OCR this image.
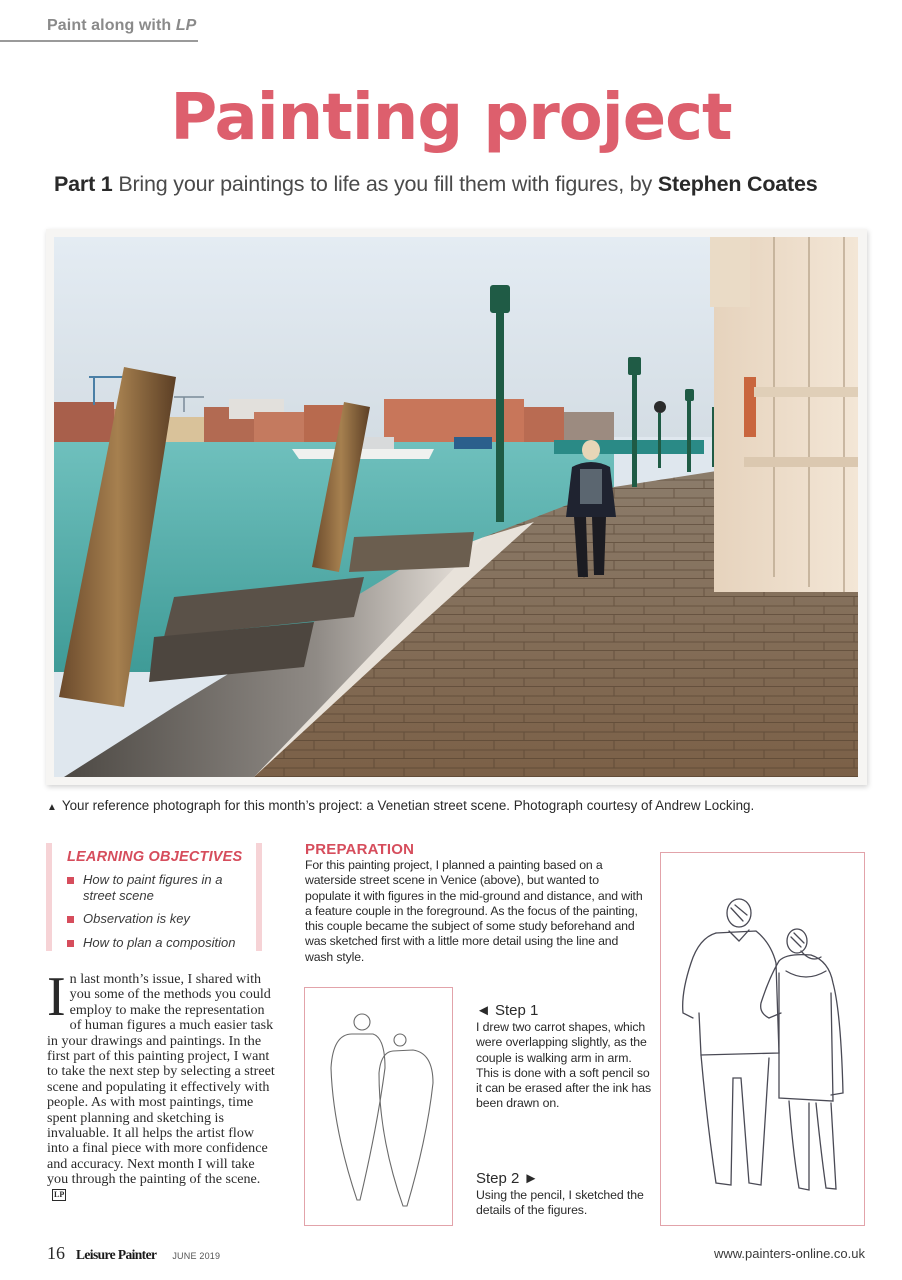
Paint along with LP
Painting project
Part 1 Bring your paintings to life as you fill them with figures, by Stephen Coates
▲ Your reference photograph for this month’s project: a Venetian street scene. Photograph courtesy of Andrew Locking.
LEARNING OBJECTIVES
How to paint figures in a street scene
Observation is key
How to plan a composition
In last month’s issue, I shared with you some of the methods you could employ to make the representation of human figures a much easier task in your drawings and paintings. In the first part of this painting project, I want to take the next step by selecting a street scene and populating it effectively with people. As with most paintings, time spent planning and sketching is invaluable. It all helps the artist flow into a final piece with more confidence and accuracy. Next month I will take you through the painting of the scene.LP
PREPARATION

For this painting project, I planned a painting based on a waterside street scene in Venice (above), but wanted to populate it with figures in the mid-ground and distance, and with a feature couple in the foreground. As the focus of the painting, this couple became the subject of some study beforehand and was sketched first with a little more detail using the line and wash style.

◄ Step 1

I drew two carrot shapes, which were overlapping slightly, as the couple is walking arm in arm. This is done with a soft pencil so it can be erased after the ink has been drawn on.

Step 2 ►

Using the pencil, I sketched the details of the figures.

16 Leisure Painter JUNE 2019	www.painters-online.co.uk
